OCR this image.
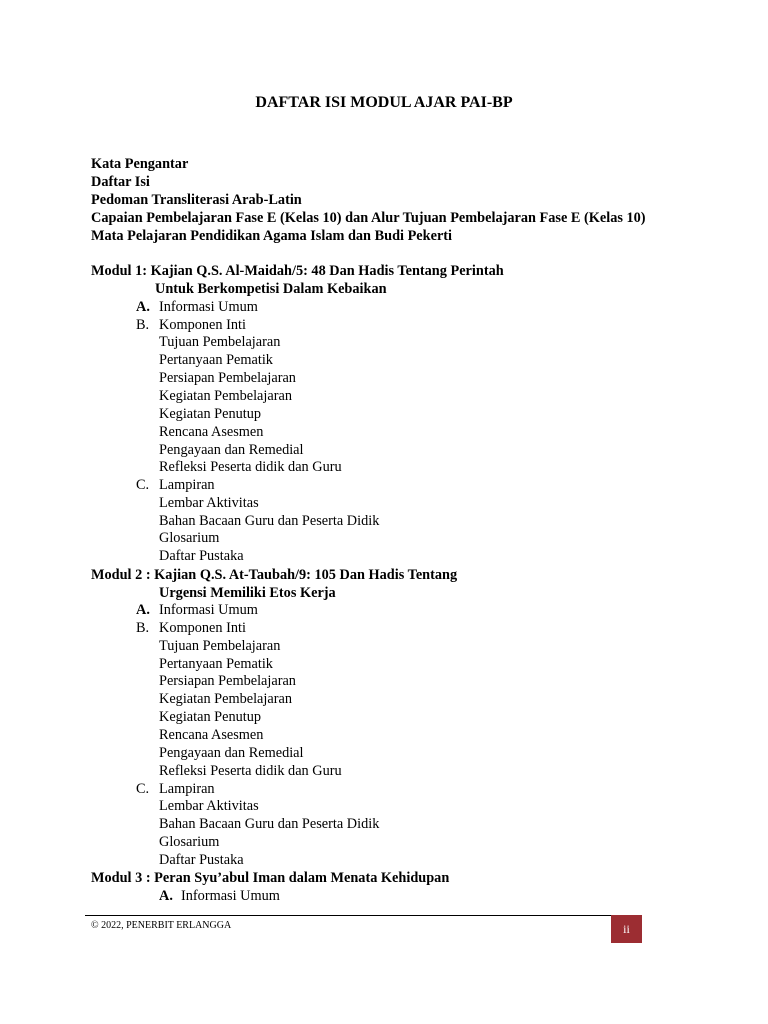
DAFTAR ISI MODUL AJAR PAI-BP
Kata Pengantar
Daftar Isi
Pedoman Transliterasi Arab-Latin
Capaian Pembelajaran Fase E (Kelas 10) dan Alur Tujuan Pembelajaran Fase E (Kelas 10)
Mata Pelajaran Pendidikan Agama Islam dan Budi Pekerti
Modul 1: Kajian Q.S. Al-Maidah/5: 48 Dan Hadis Tentang Perintah
Untuk Berkompetisi Dalam Kebaikan
A. Informasi Umum
B. Komponen Inti
Tujuan Pembelajaran
Pertanyaan Pematik
Persiapan Pembelajaran
Kegiatan Pembelajaran
Kegiatan Penutup
Rencana Asesmen
Pengayaan dan Remedial
Refleksi Peserta didik dan Guru
C. Lampiran
Lembar Aktivitas
Bahan Bacaan Guru dan Peserta Didik
Glosarium
Daftar Pustaka
Modul 2 : Kajian Q.S. At-Taubah/9: 105 Dan Hadis Tentang
Urgensi Memiliki Etos Kerja
A. Informasi Umum
B. Komponen Inti
Tujuan Pembelajaran
Pertanyaan Pematik
Persiapan Pembelajaran
Kegiatan Pembelajaran
Kegiatan Penutup
Rencana Asesmen
Pengayaan dan Remedial
Refleksi Peserta didik dan Guru
C. Lampiran
Lembar Aktivitas
Bahan Bacaan Guru dan Peserta Didik
Glosarium
Daftar Pustaka
Modul 3 : Peran Syu’abul Iman dalam Menata Kehidupan
A. Informasi Umum
© 2022, PENERBIT ERLANGGA	ii
